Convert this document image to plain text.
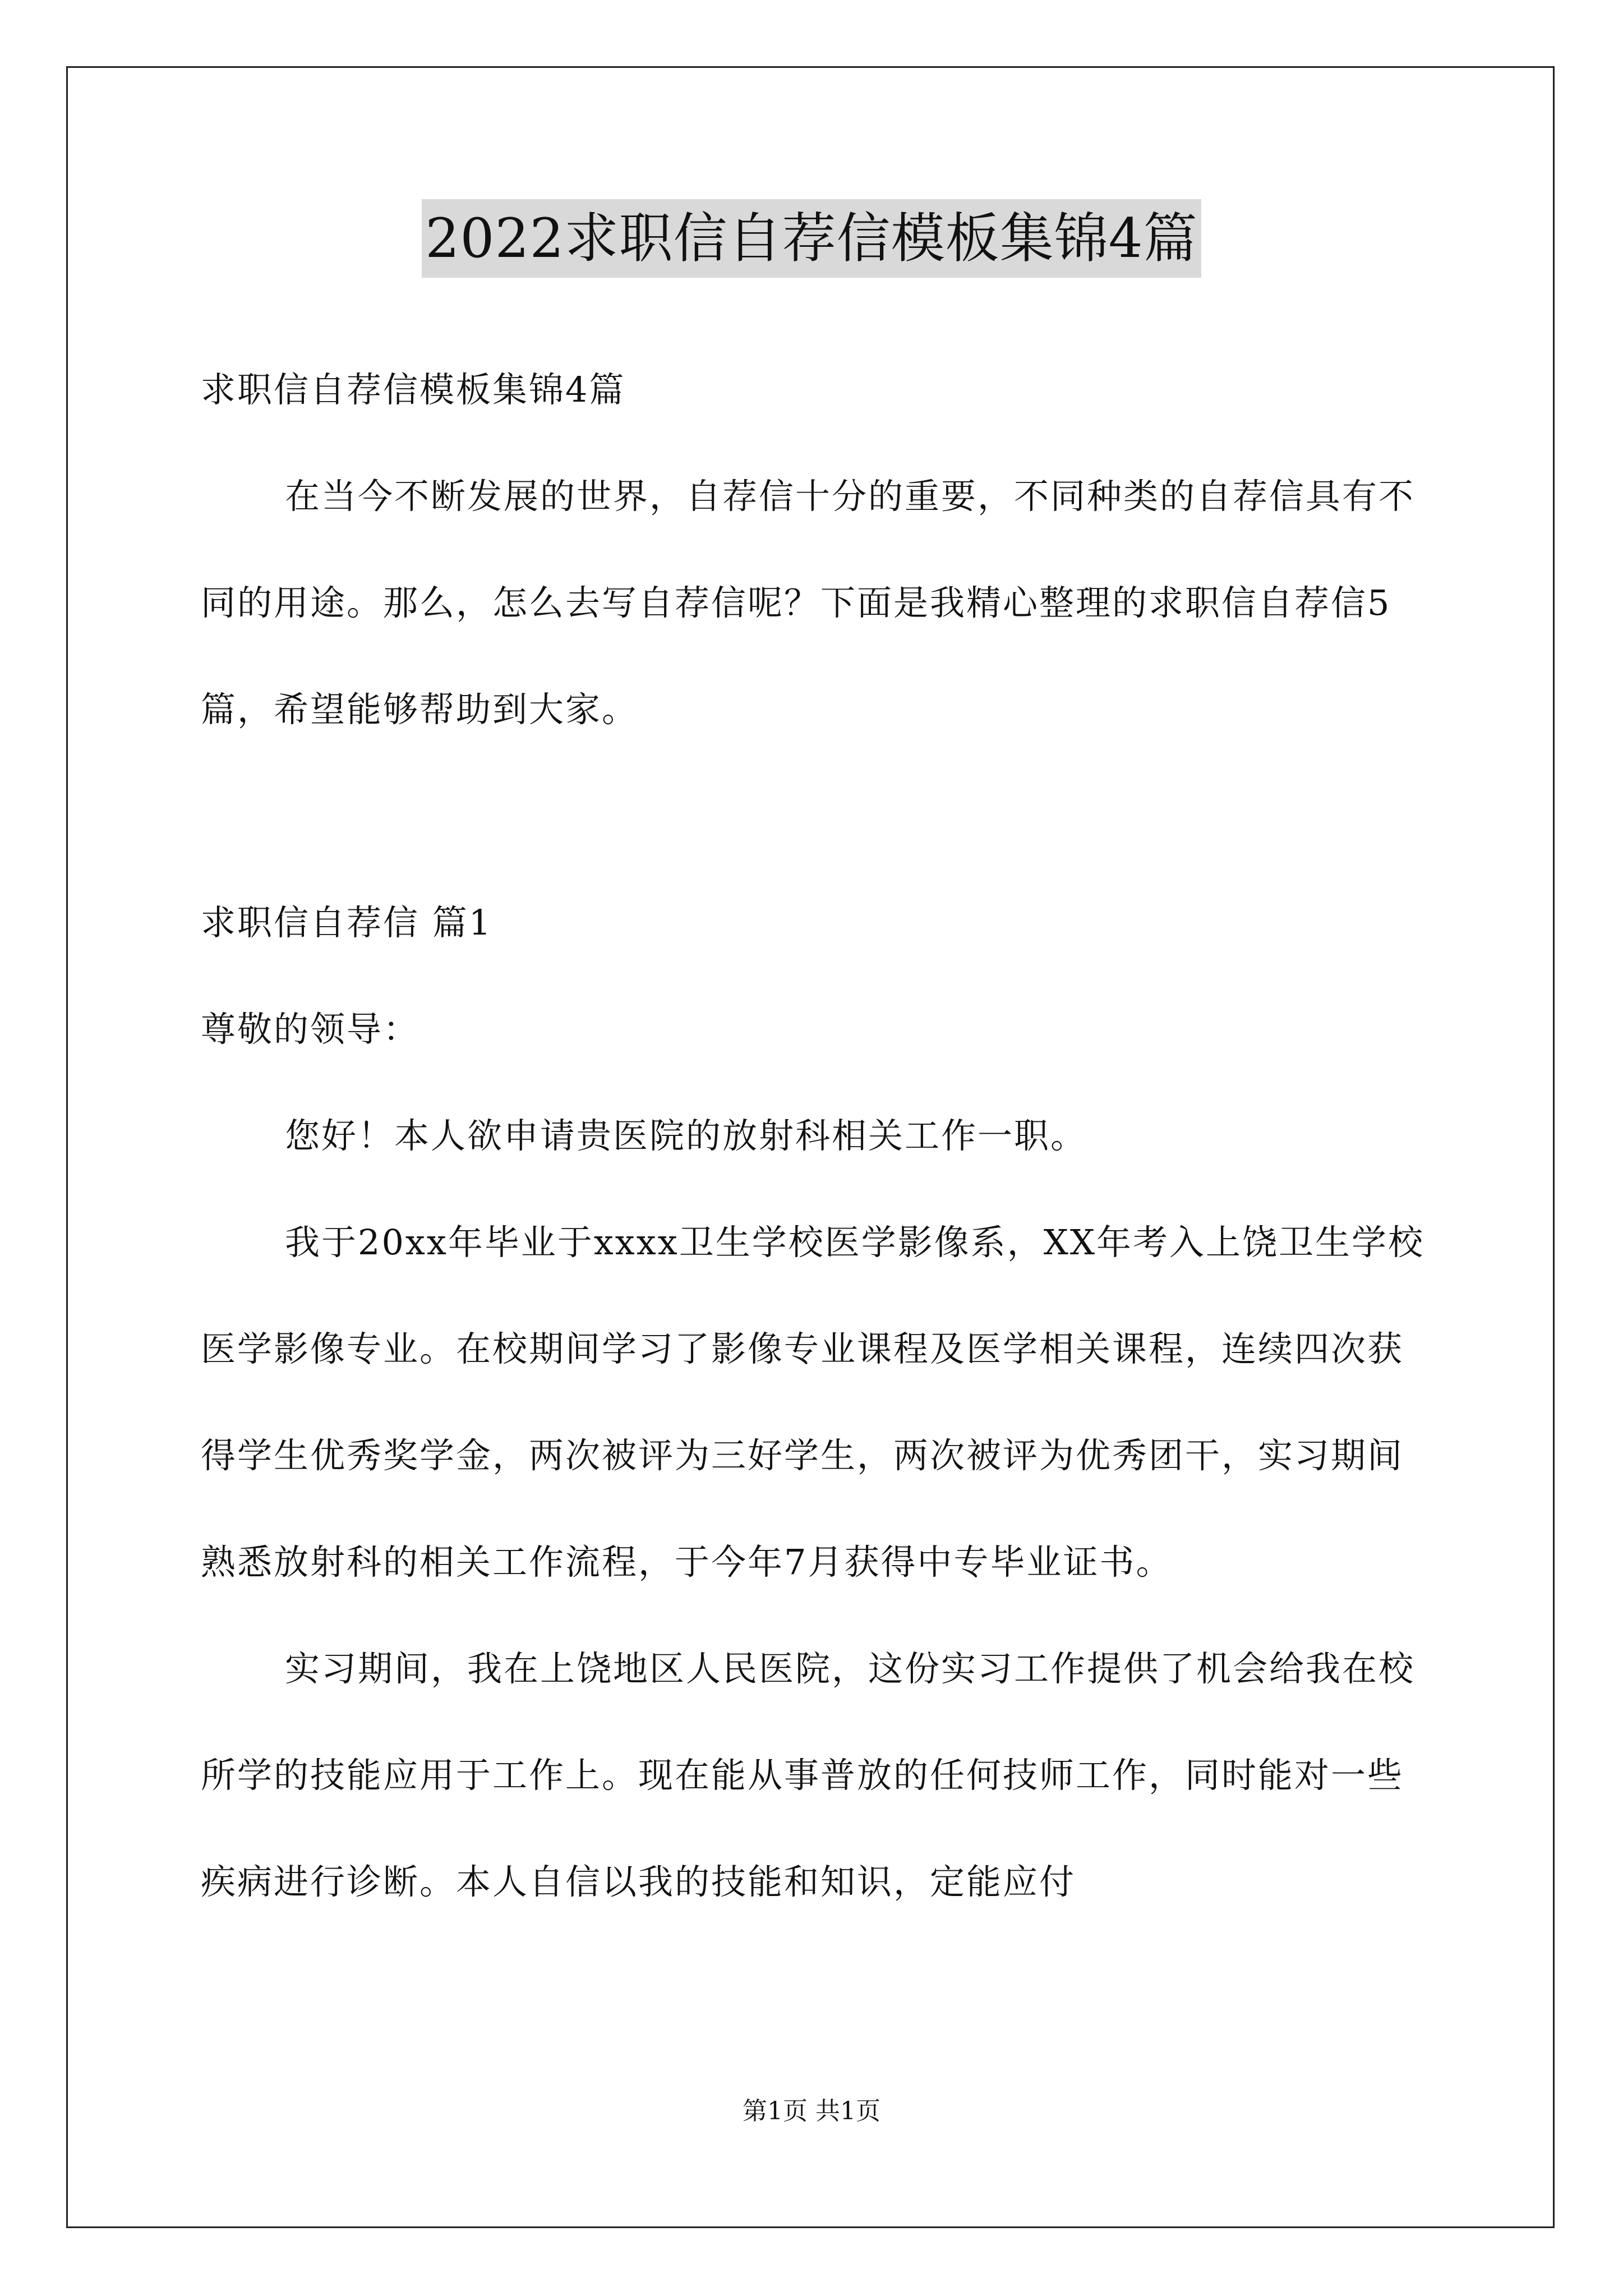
2022求职信自荐信模板集锦4篇

求职信自荐信模板集锦4篇

在当今不断发展的世界，自荐信十分的重要，不同种类的自荐信具有不同的用途。那么，怎么去写自荐信呢？下面是我精心整理的求职信自荐信5篇，希望能够帮助到大家。

求职信自荐信 篇1

尊敬的领导：

您好！本人欲申请贵医院的放射科相关工作一职。

我于20xx年毕业于xxxx卫生学校医学影像系，XX年考入上饶卫生学校医学影像专业。在校期间学习了影像专业课程及医学相关课程，连续四次获得学生优秀奖学金，两次被评为三好学生，两次被评为优秀团干，实习期间熟悉放射科的相关工作流程，于今年7月获得中专毕业证书。

实习期间，我在上饶地区人民医院，这份实习工作提供了机会给我在校所学的技能应用于工作上。现在能从事普放的任何技师工作，同时能对一些疾病进行诊断。本人自信以我的技能和知识，定能应付

第1页 共1页
